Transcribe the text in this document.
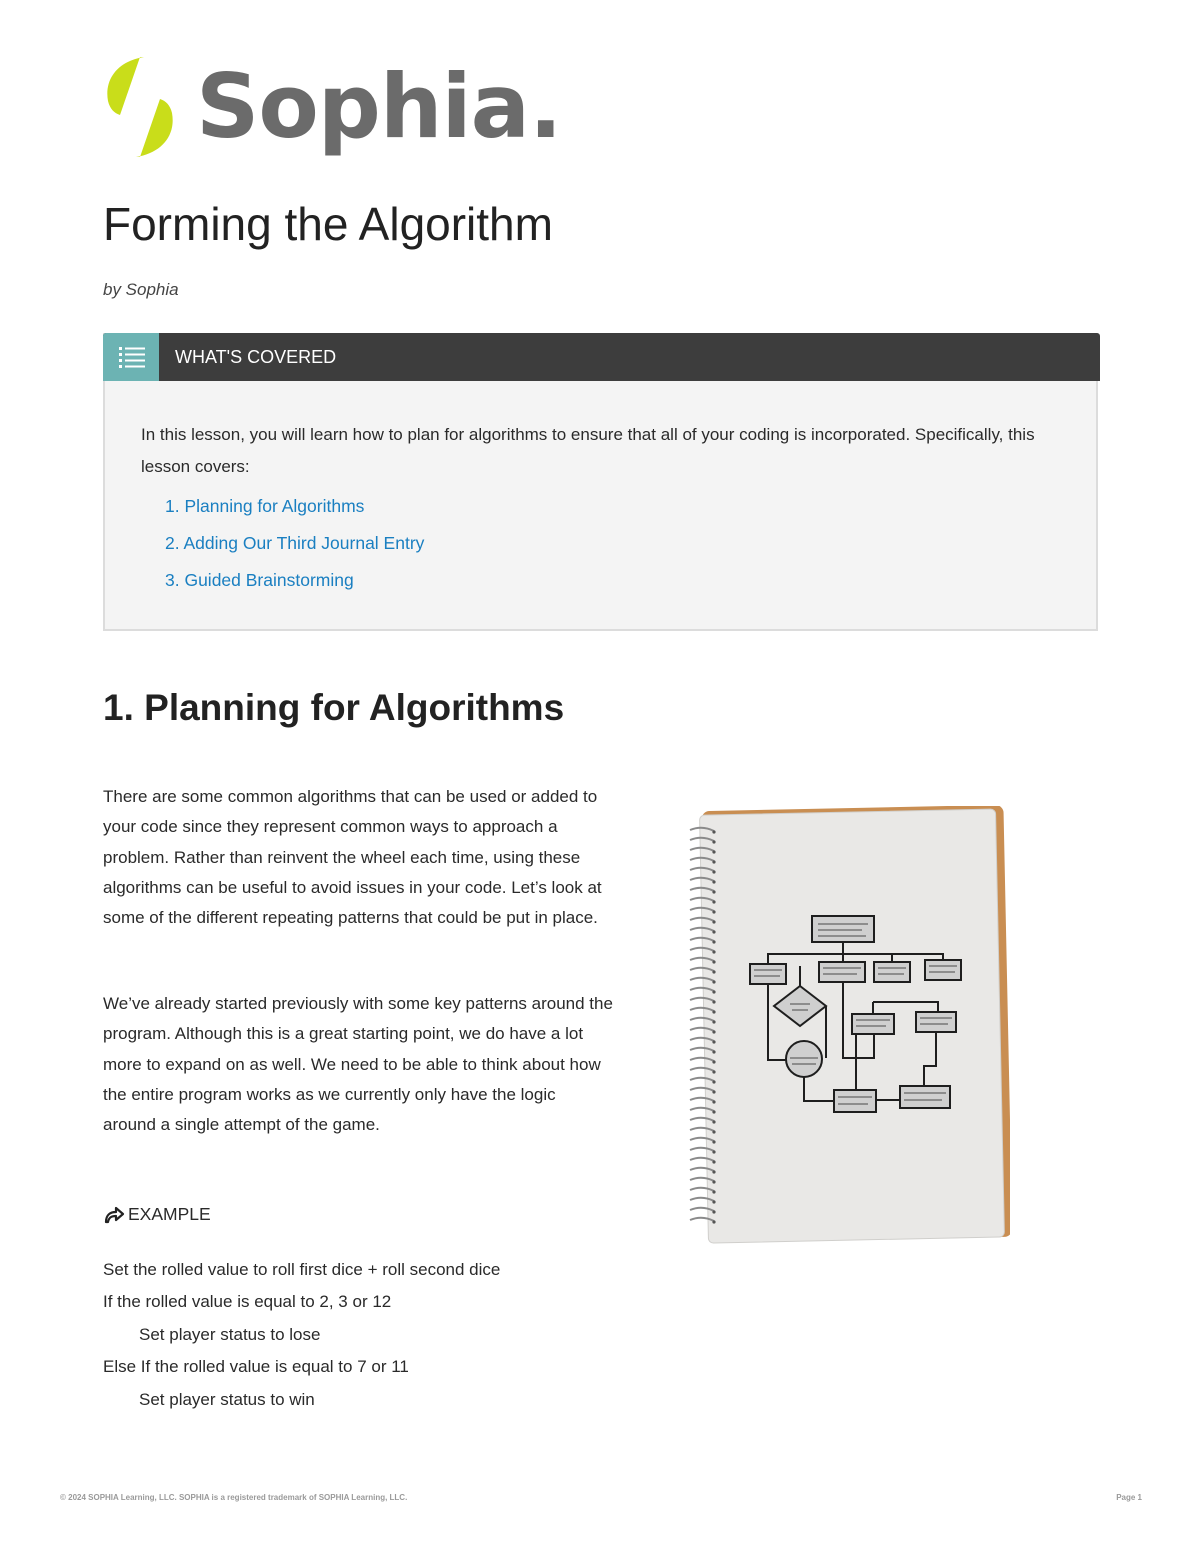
Sophia.
Forming the Algorithm
by Sophia
WHAT'S COVERED

In this lesson, you will learn how to plan for algorithms to ensure that all of your coding is incorporated. Specifically, this lesson covers:

1. Planning for Algorithms
2. Adding Our Third Journal Entry
3. Guided Brainstorming
1. Planning for Algorithms

There are some common algorithms that can be used or added to your code since they represent common ways to approach a problem. Rather than reinvent the wheel each time, using these algorithms can be useful to avoid issues in your code. Let’s look at some of the different repeating patterns that could be put in place.

We’ve already started previously with some key patterns around the program. Although this is a great starting point, we do have a lot more to expand on as well. We need to be able to think about how the entire program works as we currently only have the logic around a single attempt of the game.

EXAMPLE
Set the rolled value to roll first dice + roll second dice
If the rolled value is equal to 2, 3 or 12
Set player status to lose
Else If the rolled value is equal to 7 or 11
Set player status to win
© 2024 SOPHIA Learning, LLC. SOPHIA is a registered trademark of SOPHIA Learning, LLC.	Page 1
